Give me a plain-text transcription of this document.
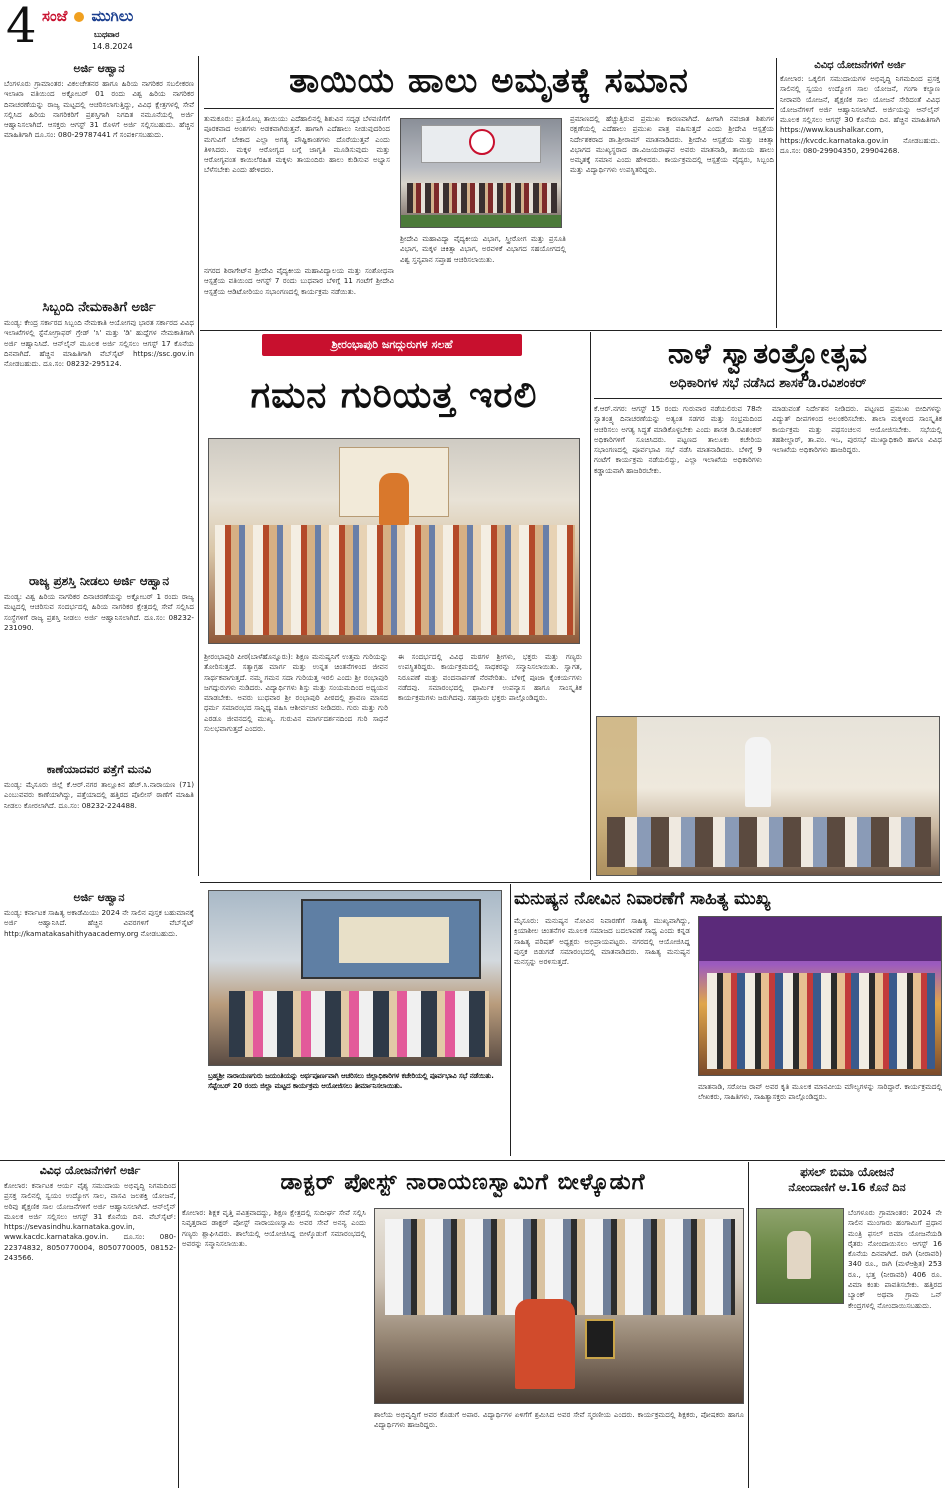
4 ಸಂಜೆ ಮುಗಿಲು
ಬುಧವಾರ
14.8.2024
ಅರ್ಜಿ ಆಹ್ವಾನ
ಬೆಂಗಳೂರು ಗ್ರಾಮಾಂತರ: ವಿಕಲಚೇತನರ ಹಾಗೂ ಹಿರಿಯ ನಾಗರಿಕರ ಸಬಲೀಕರಣ ಇಲಾಖಾ ವತಿಯಿಂದ ಅಕ್ಟೋಬರ್ 01 ರಂದು ವಿಶ್ವ ಹಿರಿಯ ನಾಗರಿಕರ ದಿನಾಚರಣೆಯನ್ನು ರಾಜ್ಯ ಮಟ್ಟದಲ್ಲಿ ಆಚರಿಸಲಾಗುತ್ತಿದ್ದು, ವಿವಿಧ ಕ್ಷೇತ್ರಗಳಲ್ಲಿ ಸೇವೆ ಸಲ್ಲಿಸಿದ ಹಿರಿಯ ನಾಗರಿಕರಿಗೆ ಪ್ರಶಸ್ತಿಗಾಗಿ ನಿಗದಿತ ನಮೂನೆಯಲ್ಲಿ ಅರ್ಜಿ ಆಹ್ವಾನಿಸಲಾಗಿದೆ. ಆಸಕ್ತರು ಆಗಸ್ಟ್ 31 ರೊಳಗೆ ಅರ್ಜಿ ಸಲ್ಲಿಸಬಹುದು. ಹೆಚ್ಚಿನ ಮಾಹಿತಿಗಾಗಿ ದೂ.ಸಂ: 080-29787441 ಗೆ ಸಂಪರ್ಕಿಸಬಹುದು.
ಸಿಬ್ಬಂದಿ ನೇಮಕಾತಿಗೆ ಅರ್ಜಿ
ಮಂಡ್ಯ: ಕೇಂದ್ರ ಸರ್ಕಾರದ ಸಿಬ್ಬಂದಿ ನೇಮಕಾತಿ ಆಯೋಗವು ಭಾರತ ಸರ್ಕಾರದ ವಿವಿಧ ಇಲಾಖೆಗಳಲ್ಲಿ ಸ್ಟೆನೋಗ್ರಾಫರ್ ಗ್ರೇಡ್ 'ಸಿ' ಮತ್ತು 'ಡಿ' ಹುದ್ದೆಗಳ ನೇಮಕಾತಿಗಾಗಿ ಅರ್ಜಿ ಆಹ್ವಾನಿಸಿದೆ. ಆನ್‌ಲೈನ್ ಮೂಲಕ ಅರ್ಜಿ ಸಲ್ಲಿಸಲು ಆಗಸ್ಟ್ 17 ಕೊನೆಯ ದಿನವಾಗಿದೆ. ಹೆಚ್ಚಿನ ಮಾಹಿತಿಗಾಗಿ ವೆಬ್‌ಸೈಟ್ https://ssc.gov.in ನೋಡಬಹುದು. ದೂ.ಸಂ: 08232-295124.
ರಾಜ್ಯ ಪ್ರಶಸ್ತಿ ನೀಡಲು ಅರ್ಜಿ ಆಹ್ವಾನ
ಮಂಡ್ಯ: ವಿಶ್ವ ಹಿರಿಯ ನಾಗರಿಕರ ದಿನಾಚರಣೆಯನ್ನು ಅಕ್ಟೋಬರ್ 1 ರಂದು ರಾಜ್ಯ ಮಟ್ಟದಲ್ಲಿ ಆಚರಿಸುವ ಸಂದರ್ಭದಲ್ಲಿ ಹಿರಿಯ ನಾಗರಿಕರ ಕ್ಷೇತ್ರದಲ್ಲಿ ಸೇವೆ ಸಲ್ಲಿಸಿದ ಸಂಸ್ಥೆಗಳಿಗೆ ರಾಜ್ಯ ಪ್ರಶಸ್ತಿ ನೀಡಲು ಅರ್ಜಿ ಆಹ್ವಾನಿಸಲಾಗಿದೆ. ದೂ.ಸಂ: 08232-231090.
ಕಾಣೆಯಾದವರ ಪತ್ತೆಗೆ ಮನವಿ
ಮಂಡ್ಯ: ಮೈಸೂರು ಜಿಲ್ಲೆ ಕೆ.ಆರ್.ನಗರ ತಾಲ್ಲೂಕಿನ ಹೆಚ್.ಸಿ.ನಾರಾಯಣ (71) ಎಂಬುವವರು ಕಾಣೆಯಾಗಿದ್ದು, ಪತ್ತೆಯಾದಲ್ಲಿ ಹತ್ತಿರದ ಪೊಲೀಸ್ ಠಾಣೆಗೆ ಮಾಹಿತಿ ನೀಡಲು ಕೋರಲಾಗಿದೆ. ದೂ.ಸಂ: 08232-224488.
ಅರ್ಜಿ ಆಹ್ವಾನ
ಮಂಡ್ಯ: ಕರ್ನಾಟಕ ಸಾಹಿತ್ಯ ಅಕಾಡೆಮಿಯು 2024 ನೇ ಸಾಲಿನ ಪುಸ್ತಕ ಬಹುಮಾನಕ್ಕೆ ಅರ್ಜಿ ಆಹ್ವಾನಿಸಿದೆ. ಹೆಚ್ಚಿನ ವಿವರಗಳಿಗೆ ವೆಬ್‌ಸೈಟ್ http://kamatakasahithyaacademy.org ನೋಡಬಹುದು.
ತಾಯಿಯ ಹಾಲು ಅಮೃತಕ್ಕೆ ಸಮಾನ
ತುಮಕೂರು: ಪ್ರತಿಯೊಬ್ಬ ತಾಯಿಯು ಎದೆಹಾಲಿನಲ್ಲಿ ಶಿಶುವಿನ ಸದೃಢ ಬೆಳವಣಿಗೆಗೆ ಪೂರಕವಾದ ಅಂಶಗಳು ಅಡಕವಾಗಿರುತ್ತವೆ. ಹಾಗಾಗಿ ಎದೆಹಾಲು ನೀಡುವುದರಿಂದ ಮಗುವಿಗೆ ಬೇಕಾದ ಎಲ್ಲಾ ಅಗತ್ಯ ಪೌಷ್ಟಿಕಾಂಶಗಳು ದೊರೆಯುತ್ತವೆ ಎಂದು ತಿಳಿಸಿದರು. ಮಕ್ಕಳ ಆರೋಗ್ಯದ ಬಗ್ಗೆ ಜಾಗೃತಿ ಮೂಡಿಸುವುದು ಮತ್ತು ಆರೋಗ್ಯವಂತ ಕಾಯಿಲೆರಹಿತ ಮಕ್ಕಳು ತಾಯಂದಿರು ಹಾಲು ಕುಡಿಸುವ ಅಭ್ಯಾಸ ಬೆಳೆಸಬೇಕು ಎಂದು ಹೇಳಿದರು.
ಪ್ರಮಾಣದಲ್ಲಿ ಹೆಚ್ಚುತ್ತಿರುವ ಪ್ರಮುಖ ಕಾರಣವಾಗಿದೆ. ಹೀಗಾಗಿ ನವಜಾತ ಶಿಶುಗಳ ರಕ್ಷಣೆಯಲ್ಲಿ ಎದೆಹಾಲು ಪ್ರಮುಖ ಪಾತ್ರ ವಹಿಸುತ್ತದೆ ಎಂದು ಶ್ರೀದೇವಿ ಆಸ್ಪತ್ರೆಯ ನಿರ್ದೇಶಕರಾದ ಡಾ.ಶ್ರೀರಾಮ್ ಮಾತನಾಡಿದರು. ಶ್ರೀದೇವಿ ಆಸ್ಪತ್ರೆಯ ಮತ್ತು ಚಿಕಿತ್ಸಾ ವಿಭಾಗದ ಮುಖ್ಯಸ್ಥರಾದ ಡಾ.ವಿಜಯರಾಘವ ಅವರು ಮಾತನಾಡಿ, ತಾಯಿಯ ಹಾಲು ಅಮೃತಕ್ಕೆ ಸಮಾನ ಎಂದು ಹೇಳಿದರು. ಕಾರ್ಯಕ್ರಮದಲ್ಲಿ ಆಸ್ಪತ್ರೆಯ ವೈದ್ಯರು, ಸಿಬ್ಬಂದಿ ಮತ್ತು ವಿದ್ಯಾರ್ಥಿಗಳು ಉಪಸ್ಥಿತರಿದ್ದರು.
ನಗರದ ಶಿರಾಗೇಟ್‌ನ ಶ್ರೀದೇವಿ ವೈದ್ಯಕೀಯ ಮಹಾವಿದ್ಯಾಲಯ ಮತ್ತು ಸಂಶೋಧನಾ ಆಸ್ಪತ್ರೆಯ ವತಿಯಿಂದ ಆಗಸ್ಟ್ 7 ರಂದು ಬುಧವಾರ ಬೆಳಿಗ್ಗೆ 11 ಗಂಟೆಗೆ ಶ್ರೀದೇವಿ ಆಸ್ಪತ್ರೆಯ ಆಡಿಟೋರಿಯಂ ಸಭಾಂಗಣದಲ್ಲಿ ಕಾರ್ಯಕ್ರಮ ನಡೆಯಿತು.
ಶ್ರೀದೇವಿ ಮಹಾವಿದ್ಯಾ ವೈದ್ಯಕೀಯ ವಿಭಾಗ, ಸ್ತ್ರೀರೋಗ ಮತ್ತು ಪ್ರಸೂತಿ ವಿಭಾಗ, ಮಕ್ಕಳ ಚಿಕಿತ್ಸಾ ವಿಭಾಗ, ಅರವಳಿಕೆ ವಿಭಾಗದ ಸಹಯೋಗದಲ್ಲಿ ವಿಶ್ವ ಸ್ತನ್ಯಪಾನ ಸಪ್ತಾಹ ಆಚರಿಸಲಾಯಿತು.
ವಿವಿಧ ಯೋಜನೆಗಳಿಗೆ ಅರ್ಜಿ
ಕೋಲಾರ: ಒಕ್ಕಲಿಗ ಸಮುದಾಯಗಳ ಅಭಿವೃದ್ಧಿ ನಿಗಮದಿಂದ ಪ್ರಸಕ್ತ ಸಾಲಿನಲ್ಲಿ ಸ್ವಯಂ ಉದ್ಯೋಗ ಸಾಲ ಯೋಜನೆ, ಗಂಗಾ ಕಲ್ಯಾಣ ನೀರಾವರಿ ಯೋಜನೆ, ಶೈಕ್ಷಣಿಕ ಸಾಲ ಯೋಜನೆ ಸೇರಿದಂತೆ ವಿವಿಧ ಯೋಜನೆಗಳಿಗೆ ಅರ್ಜಿ ಆಹ್ವಾನಿಸಲಾಗಿದೆ. ಅರ್ಜಿಯನ್ನು ಆನ್‌ಲೈನ್ ಮೂಲಕ ಸಲ್ಲಿಸಲು ಆಗಸ್ಟ್ 30 ಕೊನೆಯ ದಿನ. ಹೆಚ್ಚಿನ ಮಾಹಿತಿಗಾಗಿ https://www.kaushalkar.com, https://kvcdc.karnataka.gov.in ನೋಡಬಹುದು. ದೂ.ಸಂ: 080-29904350, 29904268.
ಶ್ರೀರಂಭಾಪುರಿ ಜಗದ್ಗುರುಗಳ ಸಲಹೆ
ಗಮನ ಗುರಿಯತ್ತ ಇರಲಿ
ಶ್ರೀರಂಭಾಪುರಿ ಪೀಠ(ಬಾಳೆಹೊನ್ನೂರು): ಶಿಕ್ಷಣ ಮನುಷ್ಯನಿಗೆ ಉತ್ತಮ ಗುರಿಯನ್ನು ತೋರಿಸುತ್ತದೆ. ಸತ್ಯಾಗ್ರಹ ಮಾರ್ಗ ಮತ್ತು ಉನ್ನತ ಚಿಂತನೆಗಳಿಂದ ಜೀವನ ಸಾರ್ಥಕವಾಗುತ್ತದೆ. ನಮ್ಮ ಗಮನ ಸದಾ ಗುರಿಯತ್ತ ಇರಲಿ ಎಂದು ಶ್ರೀ ರಂಭಾಪುರಿ ಜಗದ್ಗುರುಗಳು ನುಡಿದರು. ವಿದ್ಯಾರ್ಥಿಗಳು ಶಿಸ್ತು ಮತ್ತು ಸಂಯಮದಿಂದ ಅಧ್ಯಯನ ಮಾಡಬೇಕು. ಅವರು ಬುಧವಾರ ಶ್ರೀ ರಂಭಾಪುರಿ ಪೀಠದಲ್ಲಿ ಶ್ರಾವಣ ಮಾಸದ ಧರ್ಮ ಸಮಾರಂಭದ ಸಾನ್ನಿಧ್ಯ ವಹಿಸಿ ಆಶೀರ್ವಚನ ನೀಡಿದರು. ಗುರು ಮತ್ತು ಗುರಿ ಎರಡೂ ಜೀವನದಲ್ಲಿ ಮುಖ್ಯ. ಗುರುವಿನ ಮಾರ್ಗದರ್ಶನದಿಂದ ಗುರಿ ಸಾಧನೆ ಸುಲಭವಾಗುತ್ತದೆ ಎಂದರು.
ಈ ಸಂದರ್ಭದಲ್ಲಿ ವಿವಿಧ ಮಠಗಳ ಶ್ರೀಗಳು, ಭಕ್ತರು ಮತ್ತು ಗಣ್ಯರು ಉಪಸ್ಥಿತರಿದ್ದರು. ಕಾರ್ಯಕ್ರಮದಲ್ಲಿ ಸಾಧಕರನ್ನು ಸನ್ಮಾನಿಸಲಾಯಿತು. ಸ್ವಾಗತ, ನಿರೂಪಣೆ ಮತ್ತು ವಂದನಾರ್ಪಣೆ ನೆರವೇರಿತು. ಬೆಳಿಗ್ಗೆ ಪೂಜಾ ಕೈಂಕರ್ಯಗಳು ನಡೆದವು. ಸಮಾರಂಭದಲ್ಲಿ ಧಾರ್ಮಿಕ ಉಪನ್ಯಾಸ ಹಾಗೂ ಸಾಂಸ್ಕೃತಿಕ ಕಾರ್ಯಕ್ರಮಗಳು ಜರುಗಿದವು. ಸಹಸ್ರಾರು ಭಕ್ತರು ಪಾಲ್ಗೊಂಡಿದ್ದರು.
ನಾಳೆ ಸ್ವಾತಂತ್ರ್ಯೋತ್ಸವ
ಅಧಿಕಾರಿಗಳ ಸಭೆ ನಡೆಸಿದ ಶಾಸಕ ಡಿ.ರವಿಶಂಕರ್
ಕೆ.ಆರ್.ನಗರ: ಆಗಸ್ಟ್ 15 ರಂದು ಗುರುವಾರ ನಡೆಯಲಿರುವ 78ನೇ ಸ್ವಾತಂತ್ರ್ಯ ದಿನಾಚರಣೆಯನ್ನು ಅತ್ಯಂತ ಸಡಗರ ಮತ್ತು ಸಂಭ್ರಮದಿಂದ ಆಚರಿಸಲು ಅಗತ್ಯ ಸಿದ್ಧತೆ ಮಾಡಿಕೊಳ್ಳಬೇಕು ಎಂದು ಶಾಸಕ ಡಿ.ರವಿಶಂಕರ್ ಅಧಿಕಾರಿಗಳಿಗೆ ಸೂಚಿಸಿದರು. ಪಟ್ಟಣದ ತಾಲೂಕು ಕಚೇರಿಯ ಸಭಾಂಗಣದಲ್ಲಿ ಪೂರ್ವಭಾವಿ ಸಭೆ ನಡೆಸಿ ಮಾತನಾಡಿದರು. ಬೆಳಿಗ್ಗೆ 9 ಗಂಟೆಗೆ ಕಾರ್ಯಕ್ರಮ ನಡೆಯಲಿದ್ದು, ಎಲ್ಲಾ ಇಲಾಖೆಯ ಅಧಿಕಾರಿಗಳು ಕಡ್ಡಾಯವಾಗಿ ಹಾಜರಿರಬೇಕು.
ಮಾಡುವಂತೆ ನಿರ್ದೇಶನ ನೀಡಿದರು. ಪಟ್ಟಣದ ಪ್ರಮುಖ ಬೀದಿಗಳನ್ನು ವಿದ್ಯುತ್ ದೀಪಗಳಿಂದ ಅಲಂಕರಿಸಬೇಕು. ಶಾಲಾ ಮಕ್ಕಳಿಂದ ಸಾಂಸ್ಕೃತಿಕ ಕಾರ್ಯಕ್ರಮ ಮತ್ತು ಪಥಸಂಚಲನ ಆಯೋಜಿಸಬೇಕು. ಸಭೆಯಲ್ಲಿ ತಹಶೀಲ್ದಾರ್, ತಾ.ಪಂ. ಇಒ, ಪುರಸಭೆ ಮುಖ್ಯಾಧಿಕಾರಿ ಹಾಗೂ ವಿವಿಧ ಇಲಾಖೆಯ ಅಧಿಕಾರಿಗಳು ಹಾಜರಿದ್ದರು.
ಬ್ರಹ್ಮಶ್ರೀ ನಾರಾಯಣಗುರು ಜಯಂತಿಯನ್ನು ಅರ್ಥಪೂರ್ಣವಾಗಿ ಆಚರಿಸಲು ಜಿಲ್ಲಾಧಿಕಾರಿಗಳ ಕಚೇರಿಯಲ್ಲಿ ಪೂರ್ವಭಾವಿ ಸಭೆ ನಡೆಯಿತು. ಸೆಪ್ಟೆಂಬರ್ 20 ರಂದು ಜಿಲ್ಲಾ ಮಟ್ಟದ ಕಾರ್ಯಕ್ರಮ ಆಯೋಜಿಸಲು ತೀರ್ಮಾನಿಸಲಾಯಿತು.
ಮನುಷ್ಯನ ನೋವಿನ ನಿವಾರಣೆಗೆ ಸಾಹಿತ್ಯ ಮುಖ್ಯ
ಮೈಸೂರು: ಮನುಷ್ಯನ ನೋವಿನ ನಿವಾರಣೆಗೆ ಸಾಹಿತ್ಯ ಮುಖ್ಯವಾಗಿದ್ದು, ಕ್ರಿಯಾಶೀಲ ಚಿಂತನೆಗಳ ಮೂಲಕ ಸಮಾಜದ ಬದಲಾವಣೆ ಸಾಧ್ಯ ಎಂದು ಕನ್ನಡ ಸಾಹಿತ್ಯ ಪರಿಷತ್ ಅಧ್ಯಕ್ಷರು ಅಭಿಪ್ರಾಯಪಟ್ಟರು. ನಗರದಲ್ಲಿ ಆಯೋಜಿಸಿದ್ದ ಪುಸ್ತಕ ಬಿಡುಗಡೆ ಸಮಾರಂಭದಲ್ಲಿ ಮಾತನಾಡಿದರು. ಸಾಹಿತ್ಯ ಮನುಷ್ಯನ ಮನಸ್ಸನ್ನು ಅರಳಿಸುತ್ತದೆ.
ಮಾತನಾಡಿ, ಸರೋಜ ರಾವ್ ಅವರ ಕೃತಿ ಮೂಲಕ ಮಾನವೀಯ ಮೌಲ್ಯಗಳನ್ನು ಸಾರಿದ್ದಾರೆ. ಕಾರ್ಯಕ್ರಮದಲ್ಲಿ ಲೇಖಕರು, ಸಾಹಿತಿಗಳು, ಸಾಹಿತ್ಯಾಸಕ್ತರು ಪಾಲ್ಗೊಂಡಿದ್ದರು.
ವಿವಿಧ ಯೋಜನೆಗಳಿಗೆ ಅರ್ಜಿ
ಕೋಲಾರ: ಕರ್ನಾಟಕ ಆರ್ಯ ವೈಶ್ಯ ಸಮುದಾಯ ಅಭಿವೃದ್ಧಿ ನಿಗಮದಿಂದ ಪ್ರಸಕ್ತ ಸಾಲಿನಲ್ಲಿ ಸ್ವಯಂ ಉದ್ಯೋಗ ಸಾಲ, ವಾಸವಿ ಜಲಶಕ್ತಿ ಯೋಜನೆ, ಅರಿವು ಶೈಕ್ಷಣಿಕ ಸಾಲ ಯೋಜನೆಗಳಿಗೆ ಅರ್ಜಿ ಆಹ್ವಾನಿಸಲಾಗಿದೆ. ಆನ್‌ಲೈನ್ ಮೂಲಕ ಅರ್ಜಿ ಸಲ್ಲಿಸಲು ಆಗಸ್ಟ್ 31 ಕೊನೆಯ ದಿನ. ವೆಬ್‌ಸೈಟ್: https://sevasindhu.karnataka.gov.in, www.kacdc.karnataka.gov.in. ದೂ.ಸಂ: 080-22374832, 8050770004, 8050770005, 08152-243566.
ಡಾಕ್ಟರ್ ಪೋಸ್ಟ್ ನಾರಾಯಣಸ್ವಾಮಿಗೆ ಬೀಳ್ಕೊಡುಗೆ
ಕೋಲಾರ: ಶಿಕ್ಷಕ ವೃತ್ತಿ ಪವಿತ್ರವಾದದ್ದು, ಶಿಕ್ಷಣ ಕ್ಷೇತ್ರದಲ್ಲಿ ಸುದೀರ್ಘ ಸೇವೆ ಸಲ್ಲಿಸಿ ನಿವೃತ್ತರಾದ ಡಾಕ್ಟರ್ ಪೋಸ್ಟ್ ನಾರಾಯಣಸ್ವಾಮಿ ಅವರ ಸೇವೆ ಅನನ್ಯ ಎಂದು ಗಣ್ಯರು ಶ್ಲಾಘಿಸಿದರು. ಶಾಲೆಯಲ್ಲಿ ಆಯೋಜಿಸಿದ್ದ ಬೀಳ್ಕೊಡುಗೆ ಸಮಾರಂಭದಲ್ಲಿ ಅವರನ್ನು ಸನ್ಮಾನಿಸಲಾಯಿತು.
ಶಾಲೆಯ ಅಭಿವೃದ್ಧಿಗೆ ಅವರ ಕೊಡುಗೆ ಅಪಾರ. ವಿದ್ಯಾರ್ಥಿಗಳ ಏಳಿಗೆಗೆ ಶ್ರಮಿಸಿದ ಅವರ ಸೇವೆ ಸ್ಮರಣೀಯ ಎಂದರು. ಕಾರ್ಯಕ್ರಮದಲ್ಲಿ ಶಿಕ್ಷಕರು, ಪೋಷಕರು ಹಾಗೂ ವಿದ್ಯಾರ್ಥಿಗಳು ಹಾಜರಿದ್ದರು.
ಫಸಲ್ ಬಿಮಾ ಯೋಜನೆ
ನೋಂದಾಣಿಗೆ ಆ.16 ಕೊನೆ ದಿನ
ಬೆಂಗಳೂರು ಗ್ರಾಮಾಂತರ: 2024 ನೇ ಸಾಲಿನ ಮುಂಗಾರು ಹಂಗಾಮಿಗೆ ಪ್ರಧಾನ ಮಂತ್ರಿ ಫಸಲ್ ಬಿಮಾ ಯೋಜನೆಯಡಿ ರೈತರು ನೋಂದಾಯಿಸಲು ಆಗಸ್ಟ್ 16 ಕೊನೆಯ ದಿನವಾಗಿದೆ. ರಾಗಿ (ನೀರಾವರಿ) 340 ರೂ., ರಾಗಿ (ಮಳೆಆಶ್ರಿತ) 253 ರೂ., ಭತ್ತ (ನೀರಾವರಿ) 406 ರೂ. ವಿಮಾ ಕಂತು ಪಾವತಿಸಬೇಕು. ಹತ್ತಿರದ ಬ್ಯಾಂಕ್ ಅಥವಾ ಗ್ರಾಮ ಒನ್ ಕೇಂದ್ರಗಳಲ್ಲಿ ನೋಂದಾಯಿಸಬಹುದು.
